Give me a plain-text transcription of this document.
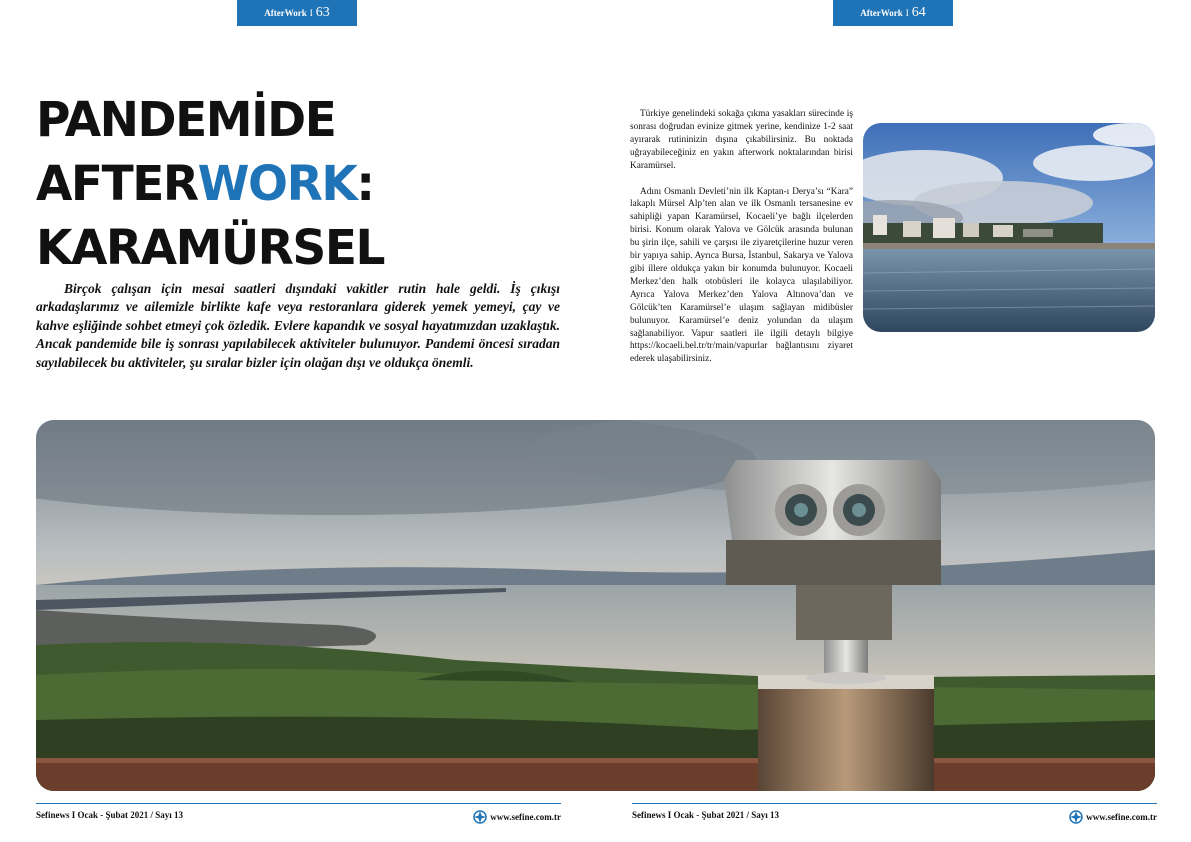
AfterWork I 63	AfterWork I 64
PANDEMİDE AFTERWORK:
KARAMÜRSEL
Birçok çalışan için mesai saatleri dışındaki vakitler rutin hale geldi. İş çıkışı arkadaşlarımız ve ailemizle birlikte kafe veya restoranlara giderek yemek yemeyi, çay ve kahve eşliğinde sohbet etmeyi çok özledik. Evlere kapandık ve sosyal hayatımızdan uzaklaştık. Ancak pandemide bile iş sonrası yapılabilecek aktiviteler bulunuyor. Pandemi öncesi sıradan sayılabilecek bu aktiviteler, şu sıralar bizler için olağan dışı ve oldukça önemli.

Türkiye genelindeki sokağa çıkma yasakları sürecinde iş sonrası doğrudan evinize gitmek yerine, kendinize 1-2 saat ayırarak rutininizin dışına çıkabilirsiniz. Bu noktada uğrayabileceğiniz en yakın afterwork noktalarından birisi Karamürsel.

Adını Osmanlı Devleti’nin ilk Kaptan-ı Derya’sı “Kara” lakaplı Mürsel Alp’ten alan ve ilk Osmanlı tersanesine ev sahipliği yapan Karamürsel, Kocaeli’ye bağlı ilçelerden birisi. Konum olarak Yalova ve Gölcük arasında bulunan bu şirin ilçe, sahili ve çarşısı ile ziyaretçilerine huzur veren bir yapıya sahip. Ayrıca Bursa, İstanbul, Sakarya ve Yalova gibi illere oldukça yakın bir konumda bulunuyor. Kocaeli Merkez’den halk otobüsleri ile kolayca ulaşılabiliyor. Ayrıca Yalova Merkez’den Yalova Altınova’dan ve Gölcük’ten Karamürsel’e ulaşım sağlayan midibüsler bulunuyor. Karamürsel’e deniz yolundan da ulaşım sağlanabiliyor. Vapur saatleri ile ilgili detaylı bilgiye https://kocaeli.bel.tr/tr/main/vapurlar bağlantısını ziyaret ederek ulaşabilirsiniz.

Sefinews I Ocak - Şubat 2021 / Sayı 13	www.sefine.com.tr	Sefinews I Ocak - Şubat 2021 / Sayı 13	www.sefine.com.tr
